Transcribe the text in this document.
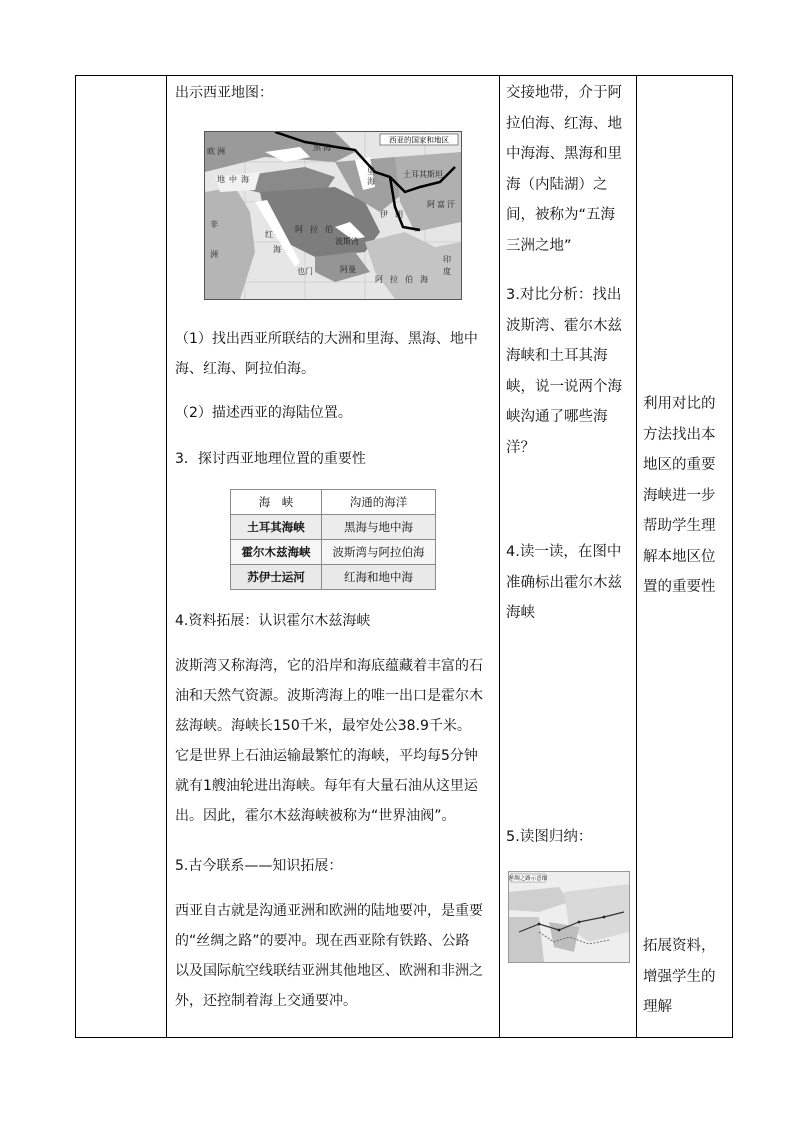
出示西亚地图：

西亚的国家和地区
欧 洲	黑 海
里
海
土耳其斯坦
伊 朗
阿 富 汗
非
洲
阿 拉 伯
阿 拉 伯 海
红
海
地 中 海
波斯湾
也门	阿曼
印
度

（1）找出西亚所联结的大洲和里海、黑海、地中海、红海、阿拉伯海。

（2）描述西亚的海陆位置。

3．探讨西亚地理位置的重要性

海　峡	沟通的海洋
土耳其海峡	黑海与地中海
霍尔木兹海峡	波斯湾与阿拉伯海
苏伊士运河	红海和地中海

4.资料拓展：认识霍尔木兹海峡

波斯湾又称海湾，它的沿岸和海底蕴藏着丰富的石油和天然气资源。波斯湾海上的唯一出口是霍尔木兹海峡。海峡长150千米，最窄处公38.9千米。它是世界上石油运输最繁忙的海峡，平均每5分钟就有1艘油轮进出海峡。每年有大量石油从这里运出。因此，霍尔木兹海峡被称为“世界油阀”。

5.古今联系——知识拓展：

西亚自古就是沟通亚洲和欧洲的陆地要冲，是重要的“丝绸之路”的要冲。现在西亚除有铁路、公路以及国际航空线联结亚洲其他地区、欧洲和非洲之外，还控制着海上交通要冲。

交接地带，介于阿拉伯海、红海、地中海海、黑海和里海（内陆湖）之间，被称为“五海三洲之地”

3.对比分析：找出波斯湾、霍尔木兹海峡和土耳其海峡，说一说两个海峡沟通了哪些海洋？

4.读一读，在图中准确标出霍尔木兹海峡

5.读图归纳：

丝绸之路示意图

利用对比的方法找出本地区的重要海峡进一步帮助学生理解本地区位置的重要性

拓展资料，增强学生的理解
